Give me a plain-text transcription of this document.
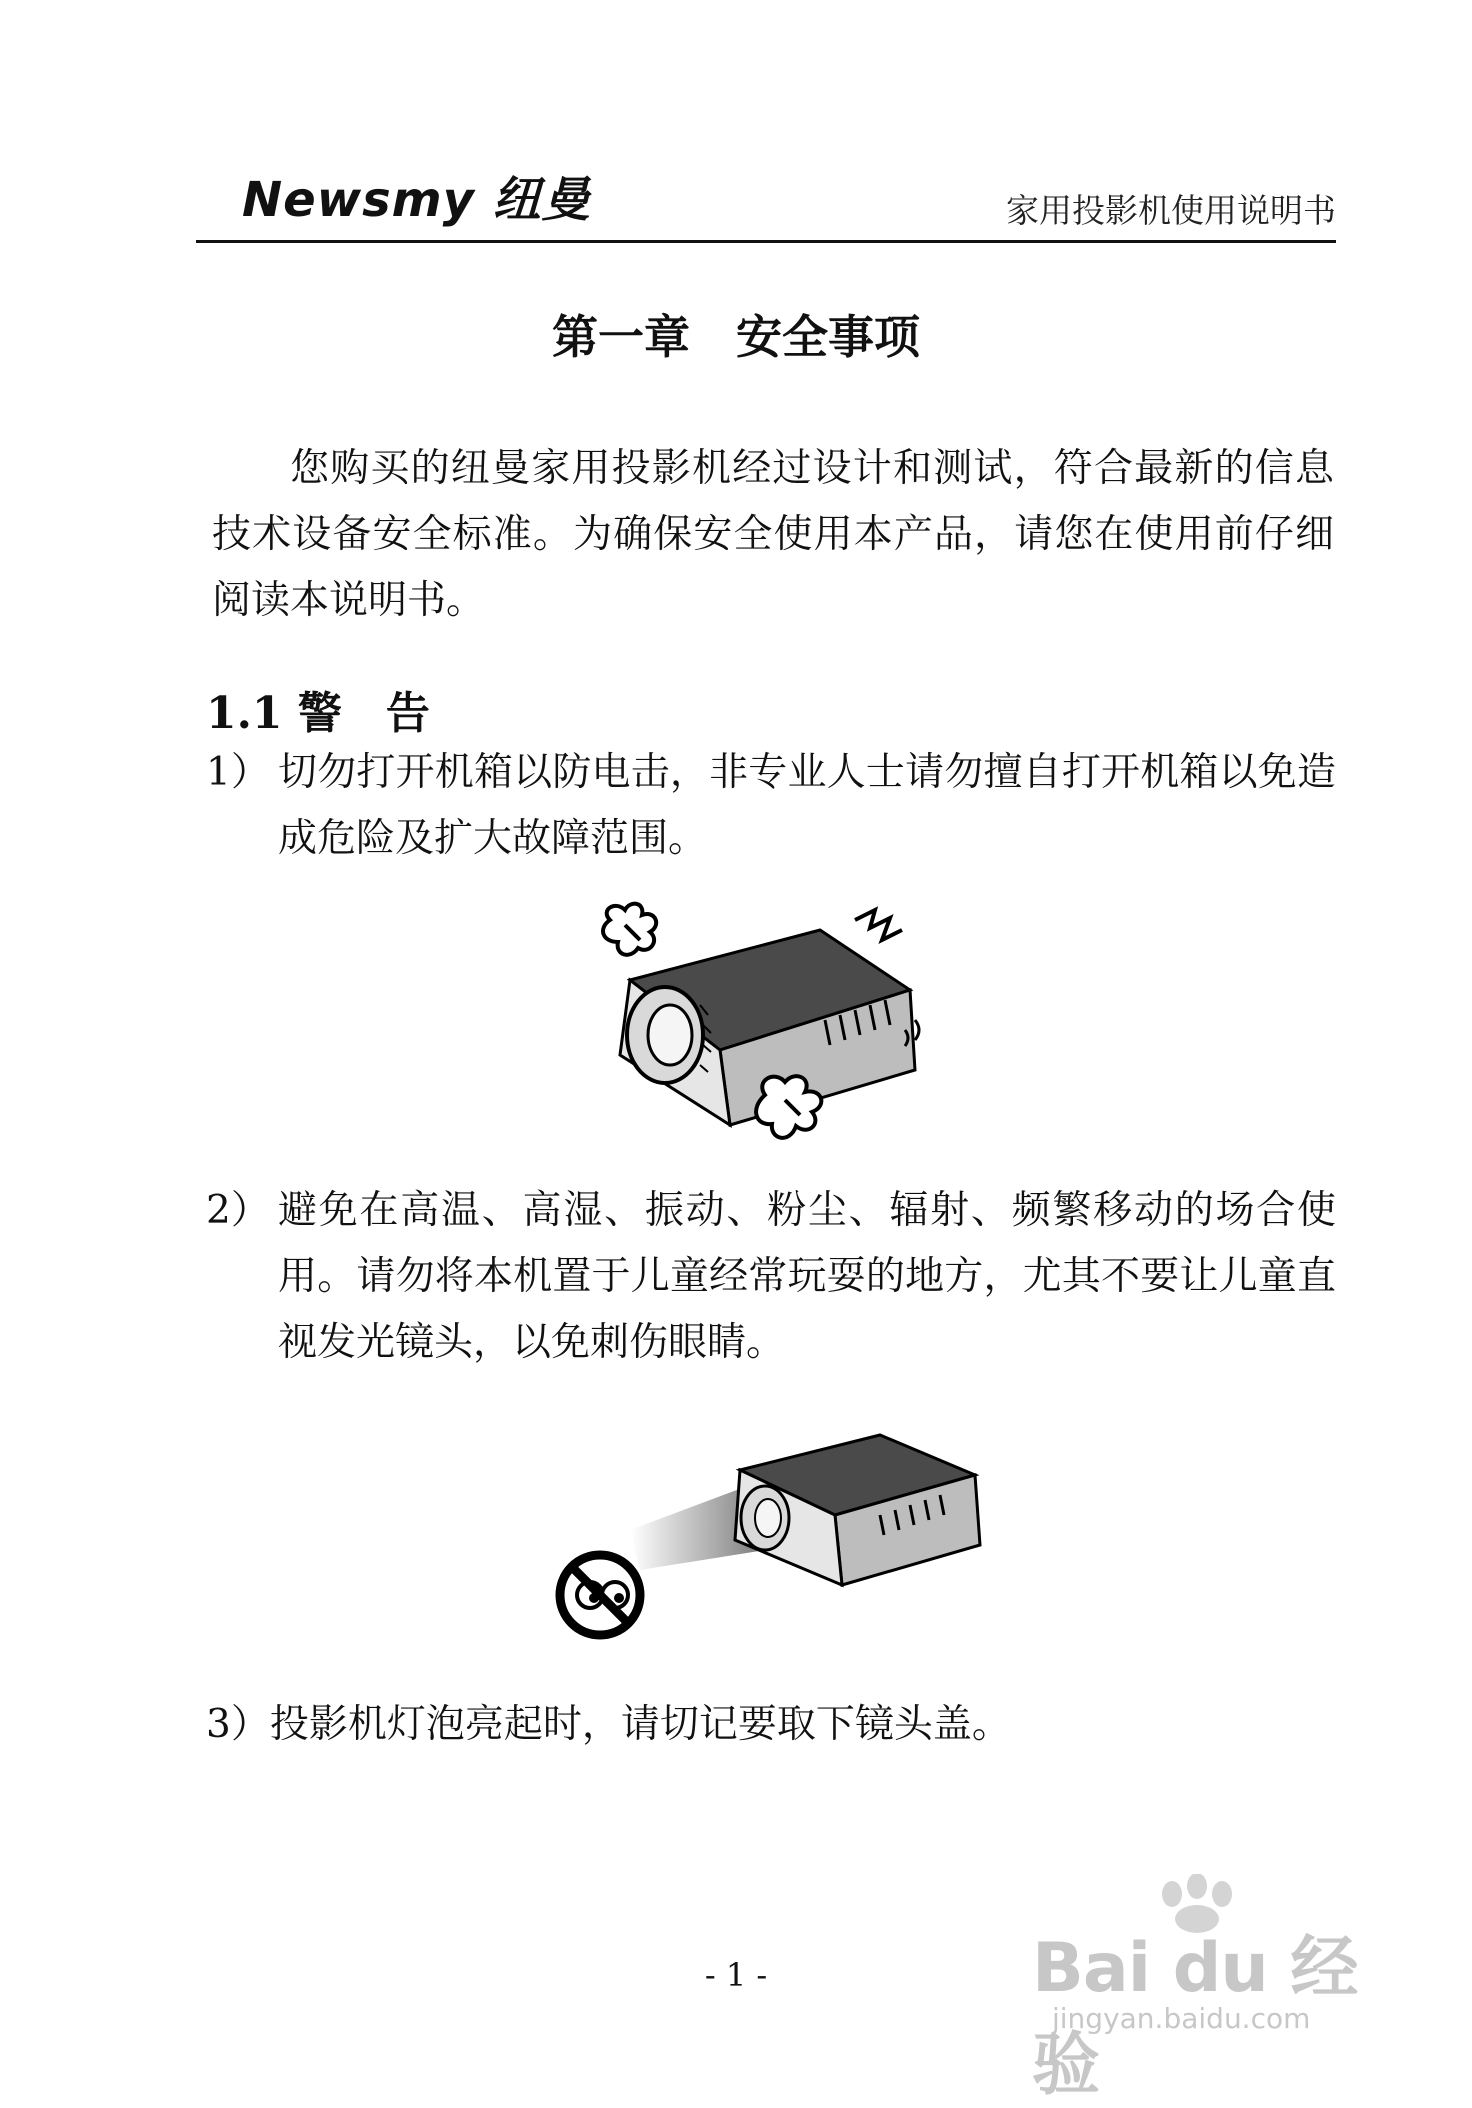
Newsmy 纽曼	家用投影机使用说明书
第一章　安全事项
您购买的纽曼家用投影机经过设计和测试，符合最新的信息技术设备安全标准。为确保安全使用本产品，请您在使用前仔细阅读本说明书。
1.1 警　告
1） 切勿打开机箱以防电击，非专业人士请勿擅自打开机箱以免造成危险及扩大故障范围。
2） 避免在高温、高湿、振动、粉尘、辐射、频繁移动的场合使用。请勿将本机置于儿童经常玩耍的地方，尤其不要让儿童直视发光镜头，以免刺伤眼睛。
3）投影机灯泡亮起时，请切记要取下镜头盖。
- 1 -	Bai du 经验
jingyan.baidu.com
